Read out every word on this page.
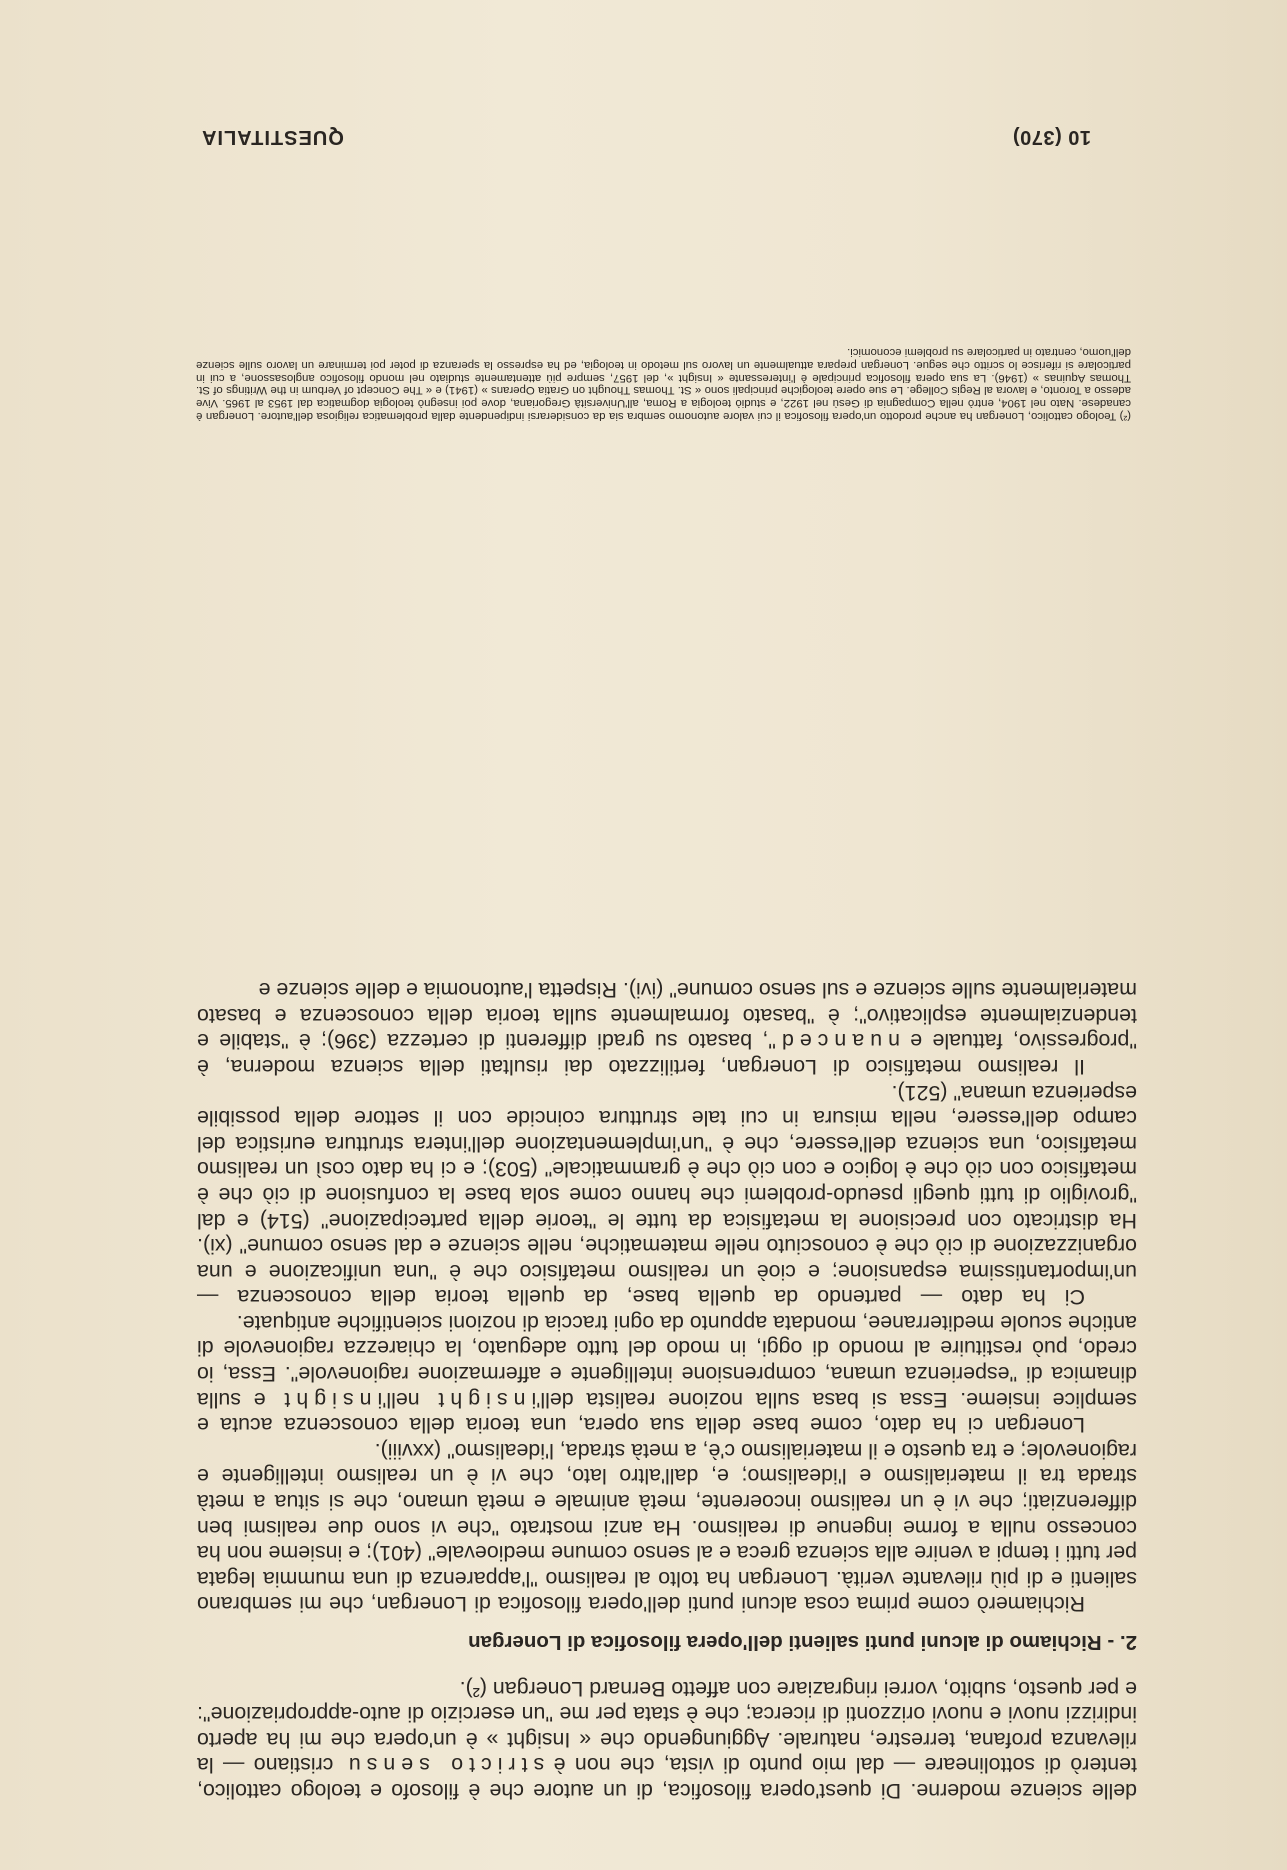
delle scienze moderne. Di quest'opera filosofica, di un autore che è filosofo e teologo cattolico, tenterò di sottolineare — dal mio punto di vista, che non è stricto sensu cristiano — la rilevanza profana, terrestre, naturale. Aggiungendo che « Insight » è un'opera che mi ha aperto indirizzi nuovi e nuovi orizzonti di ricerca; che è stata per me "un esercizio di auto-appropriazione": e per questo, subito, vorrei ringraziare con affetto Bernard Lonergan (²).

2. - Richiamo di alcuni punti salienti dell'opera filosofica di Lonergan

Richiamerò come prima cosa alcuni punti dell'opera filosofica di Lonergan, che mi sembrano salienti e di più rilevante verità. Lonergan ha tolto al realismo "l'apparenza di una mummia legata per tutti i tempi a venire alla scienza greca e al senso comune medioevale" (401); e insieme non ha concesso nulla a forme ingenue di realismo. Ha anzi mostrato "che vi sono due realismi ben differenziati; che vi è un realismo incoerente, metà animale e metà umano, che si situa a metà strada tra il materialismo e l'idealismo; e, dall'altro lato, che vi è un realismo intelligente e ragionevole; e tra questo e il materialismo c'è, a metà strada, l'idealismo" (xxviii).

Lonergan ci ha dato, come base della sua opera, una teoria della conoscenza acuta e semplice insieme. Essa si basa sulla nozione realista dell'insight nell'insight e sulla dinamica di "esperienza umana, comprensione intelligente e affermazione ragionevole". Essa, io credo, può restituire al mondo di oggi, in modo del tutto adeguato, la chiarezza ragionevole di antiche scuole mediterranee, mondata appunto da ogni traccia di nozioni scientifiche antiquate.

Ci ha dato — partendo da quella base, da quella teoria della conoscenza — un'importantissima espansione; e cioè un realismo metafisico che è "una unificazione e una organizzazione di ciò che è conosciuto nelle matematiche, nelle scienze e dal senso comune" (xi). Ha districato con precisione la metafisica da tutte le "teorie della partecipazione" (514) e dal "groviglio di tutti quegli pseudo-problemi che hanno come sola base la confusione di ciò che è metafisico con ciò che è logico e con ciò che è grammaticale" (503); e ci ha dato così un realismo metafisico, una scienza dell'essere, che è "un'implementazione dell'intera struttura euristica del campo dell'essere, nella misura in cui tale struttura coincide con il settore della possibile esperienza umana" (521).

Il realismo metafisico di Lonergan, fertilizzato dai risultati della scienza moderna, è "progressivo, fattuale e nuanced", basato su gradi differenti di certezza (396); è "stabile e tendenzialmente esplicativo"; è "basato formalmente sulla teoria della conoscenza e basato materialmente sulle scienze e sul senso comune" (ivi). Rispetta l'autonomia e delle scienze e

(²) Teologo cattolico, Lonergan ha anche prodotto un'opera filosofica il cui valore autonomo sembra sia da considerarsi indipendente dalla problematica religiosa dell'autore. Lonergan è canadese. Nato nel 1904, entrò nella Compagnia di Gesù nel 1922, e studiò teologia a Roma, all'Università Gregoriana, dove poi insegnò teologia dogmatica dal 1953 al 1965. Vive adesso a Toronto, e lavora al Regis College. Le sue opere teologiche principali sono « St. Thomas Thought on Gratia Operans » (1941) e « The Concept of Verbum in the Writings of St. Thomas Aquinas » (1946). La sua opera filosofica principale è l'interessante « Insight », del 1957, sempre più attentamente studiato nel mondo filosofico anglosassone, a cui in particolare si riferisce lo scritto che segue. Lonergan prepara attualmente un lavoro sul metodo in teologia, ed ha espresso la speranza di poter poi terminare un lavoro sulle scienze dell'uomo, centrato in particolare su problemi economici.

10 (370)
QUESTITALIA
